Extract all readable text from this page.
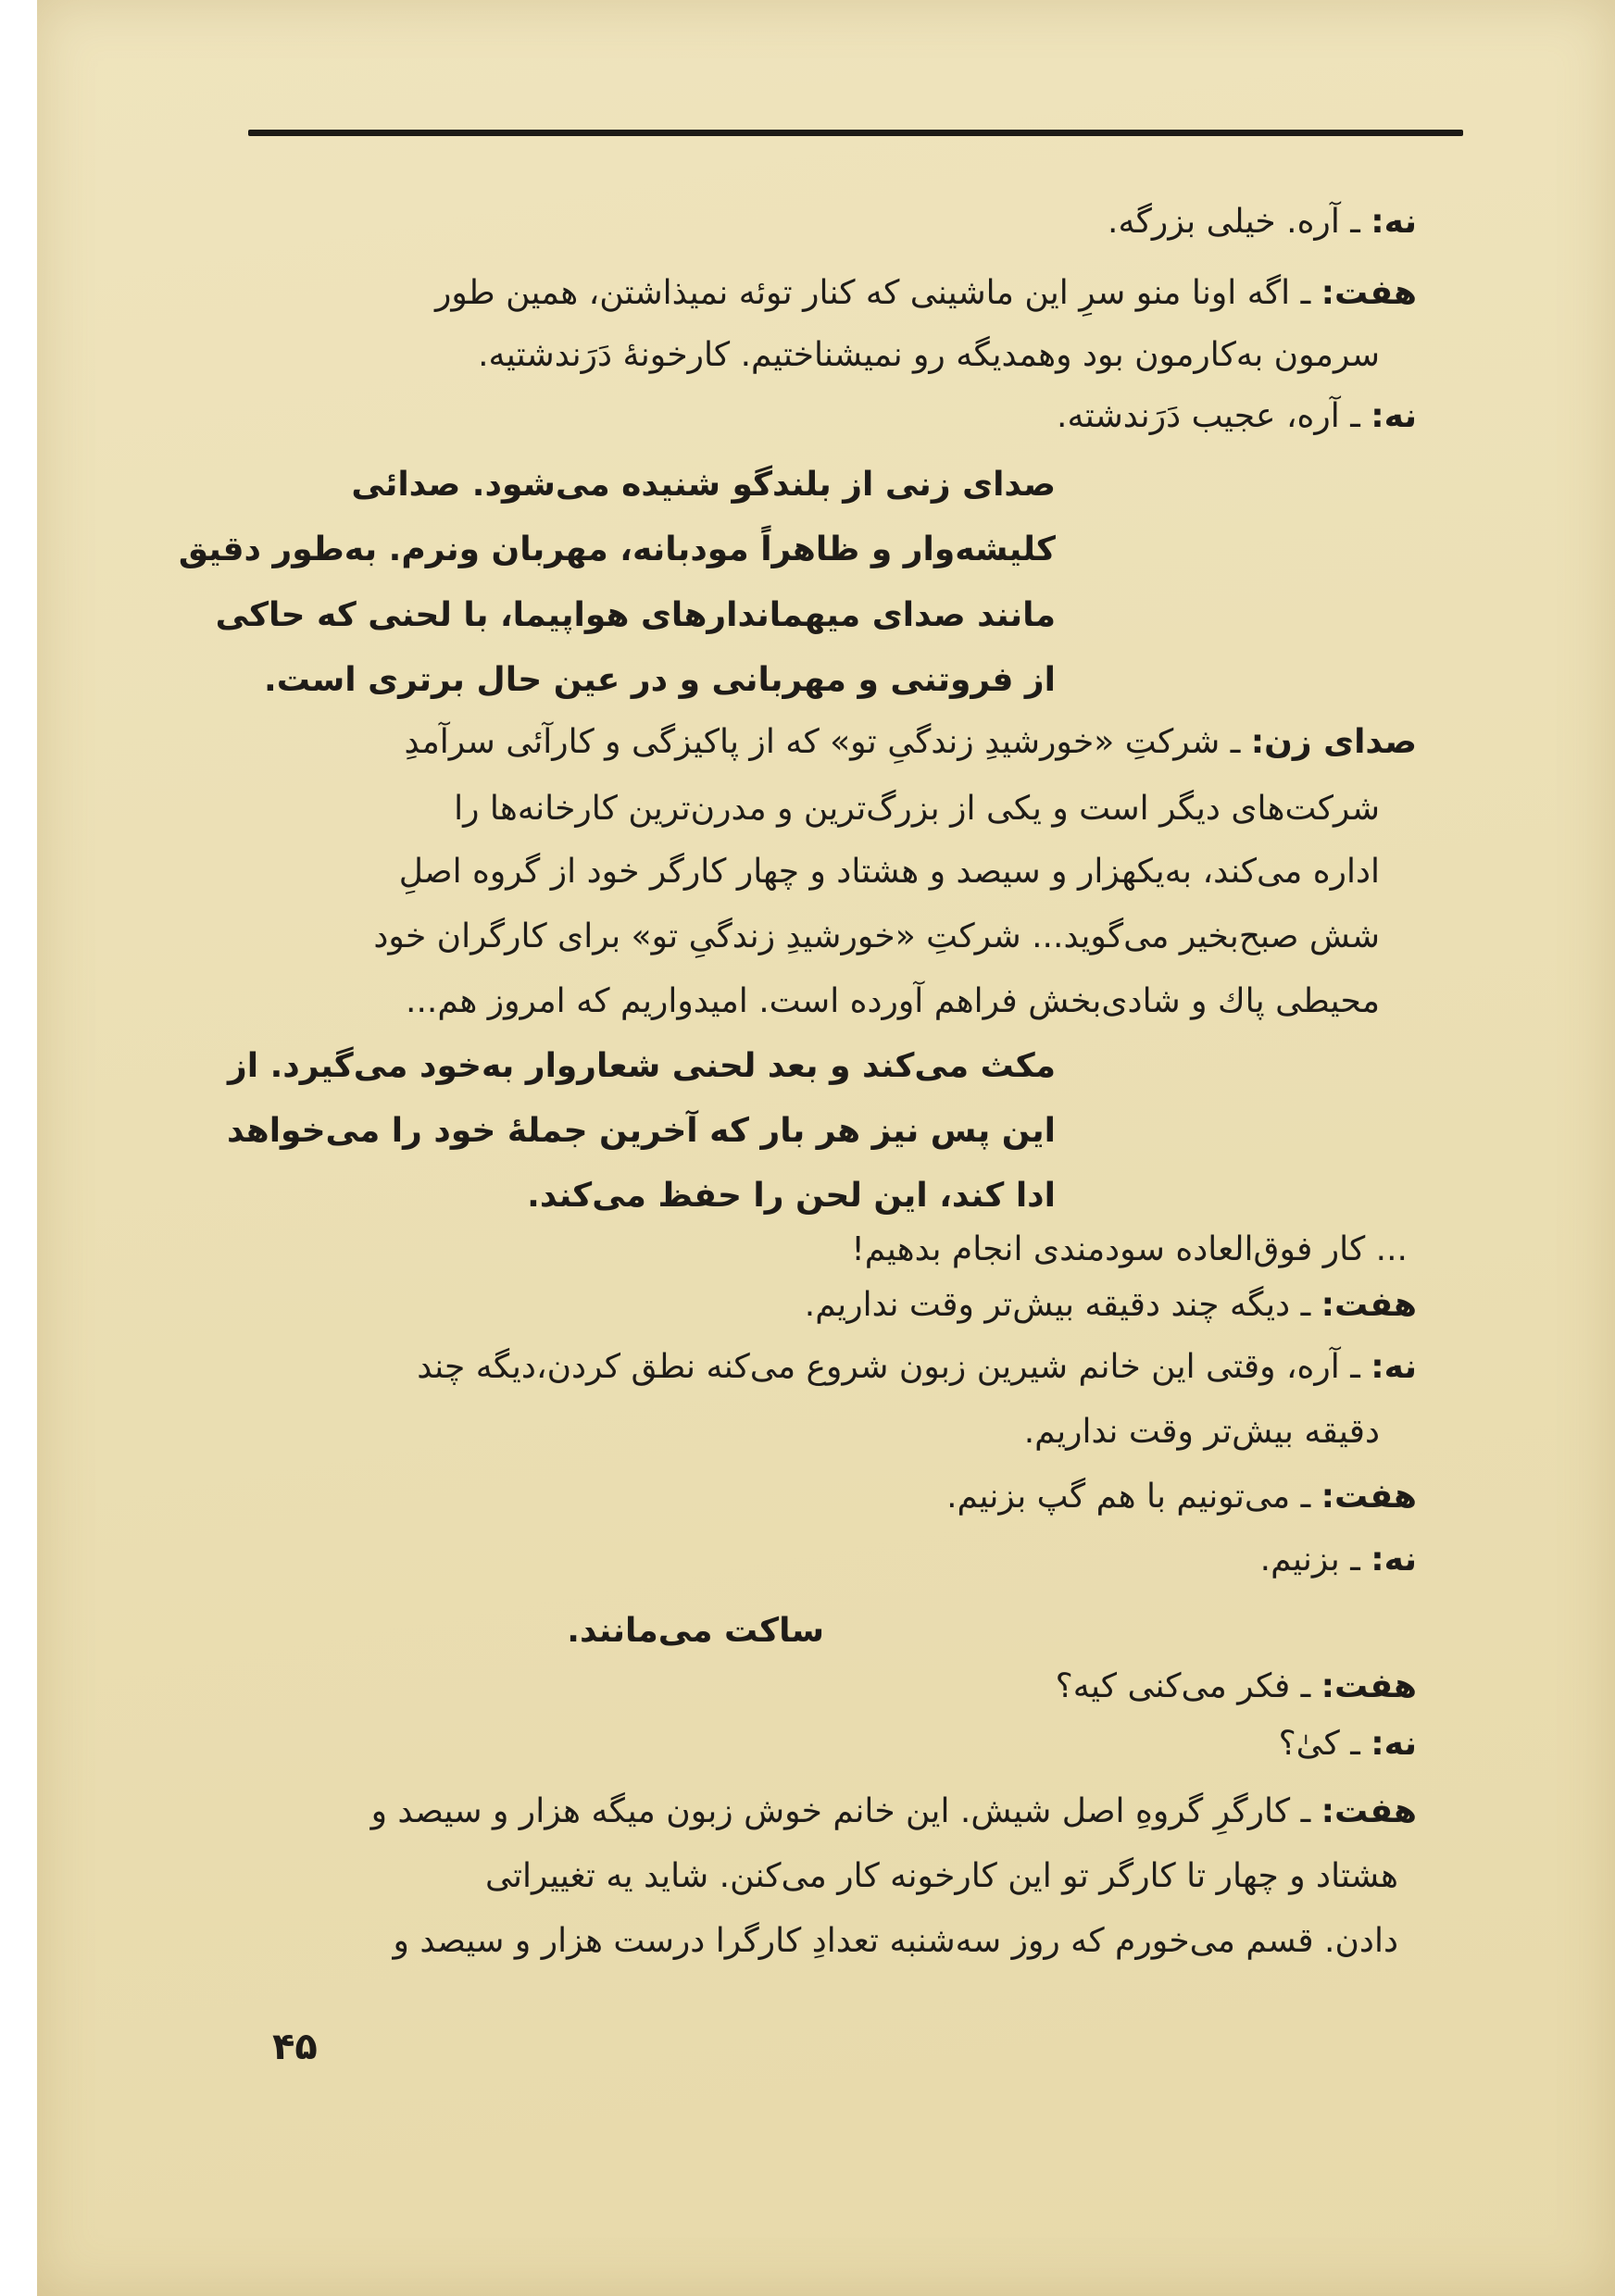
نه: ـ آره. خیلی بزرگه.
هفت: ـ اگه اونا منو سرِ این ماشینی که کنار توئه نمیذاشتن، همین طور
سرمون به‌کارمون بود وهمدیگه رو نمیشناختیم. کارخونهٔ دَرَندشتیه.
نه: ـ آره، عجیب دَرَندشته.
صدای زنی از بلندگو شنیده می‌شود. صدائی
کلیشه‌وار و ظاهراً مودبانه، مهربان ونرم. به‌طور دقیق
مانند صدای میهماندارهای هواپیما، با لحنی که حاکی
از فروتنی و مهربانی و در عین حال برتری است.
صدای زن: ـ شرکتِ «خورشیدِ زندگیِ تو» که از پاکیزگی و کارآئی سرآمدِ
شرکت‌های دیگر است و یکی از بزرگ‌ترین و مدرن‌ترین کارخانه‌ها را
اداره می‌کند، به‌یکهزار و سیصد و هشتاد و چهار کارگر خود از گروه اصلِ
شش صبح‌بخیر می‌گوید... شرکتِ «خورشیدِ زندگیِ تو» برای کارگران خود
محیطی پاك و شادی‌بخش فراهم آورده است. امیدواریم که امروز هم...
مکث می‌کند و بعد لحنی شعاروار به‌خود می‌گیرد. از
این پس نیز هر بار که آخرین جملهٔ خود را می‌خواهد
ادا کند، این لحن را حفظ می‌کند.
... کار فوق‌العاده سودمندی انجام بدهیم!
هفت: ـ دیگه چند دقیقه بیش‌تر وقت نداریم.
نه: ـ آره، وقتی این خانم شیرین زبون شروع می‌کنه نطق کردن،دیگه چند
دقیقه بیش‌تر وقت نداریم.
هفت: ـ می‌تونیم با هم گپ بزنیم.
نه: ـ بزنیم.
ساکت می‌مانند.
هفت: ـ فکر می‌کنی کیه؟
نه: ـ کیٰ؟
هفت: ـ کارگرِ گروهِ اصل شیش. این خانم خوش زبون میگه هزار و سیصد و
هشتاد و چهار تا کارگر تو این کارخونه کار می‌کنن. شاید یه تغییراتی
دادن. قسم می‌خورم که روز سه‌شنبه تعدادِ کارگرا درست هزار و سیصد و
۴۵
